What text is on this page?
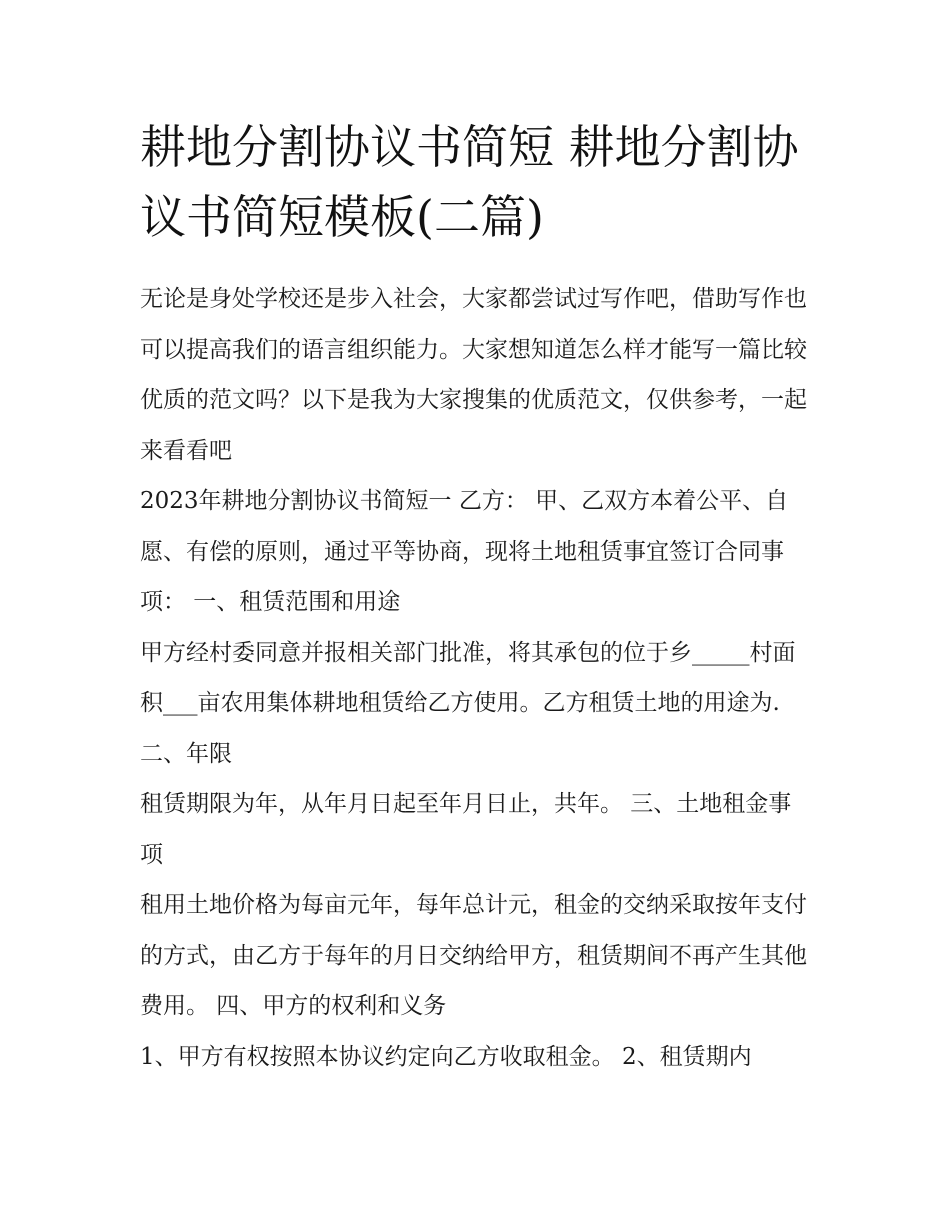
耕地分割协议书简短 耕地分割协议书简短模板(二篇)

无论是身处学校还是步入社会，大家都尝试过写作吧，借助写作也可以提高我们的语言组织能力。大家想知道怎么样才能写一篇比较优质的范文吗？以下是我为大家搜集的优质范文，仅供参考，一起来看看吧

2023年耕地分割协议书简短一 乙方： 甲、乙双方本着公平、自愿、有偿的原则，通过平等协商，现将土地租赁事宜签订合同事项： 一、租赁范围和用途

甲方经村委同意并报相关部门批准，将其承包的位于乡_____村面积___亩农用集体耕地租赁给乙方使用。乙方租赁土地的用途为.二、年限

租赁期限为年，从年月日起至年月日止，共年。 三、土地租金事项

租用土地价格为每亩元年，每年总计元，租金的交纳采取按年支付的方式，由乙方于每年的月日交纳给甲方，租赁期间不再产生其他费用。 四、甲方的权利和义务

1、甲方有权按照本协议约定向乙方收取租金。 2、租赁期内
